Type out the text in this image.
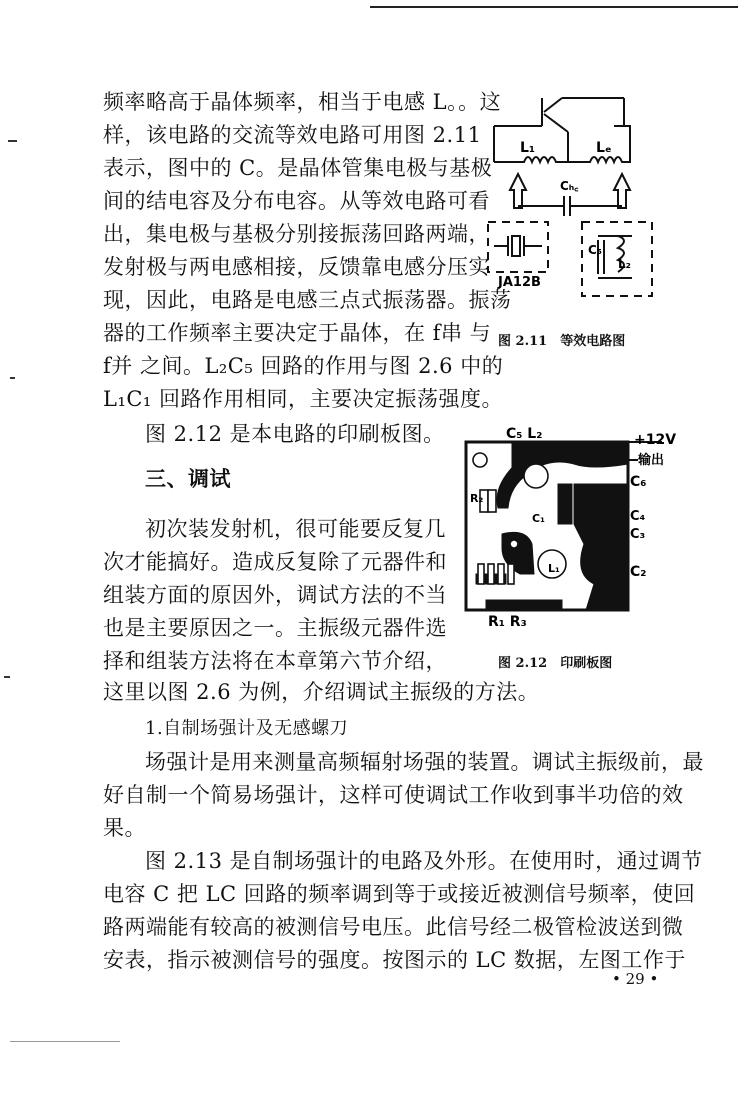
频率略高于晶体频率，相当于电感 L。。这
样，该电路的交流等效电路可用图 2.11
表示，图中的 C。是晶体管集电极与基极
间的结电容及分布电容。从等效电路可看
出，集电极与基极分别接振荡回路两端，
发射极与两电感相接，反馈靠电感分压实
现，因此，电路是电感三点式振荡器。振荡
器的工作频率主要决定于晶体，在 f串 与
f并 之间。L₂C₅ 回路的作用与图 2.6 中的
L₁C₁ 回路作用相同，主要决定振荡强度。
图 2.12 是本电路的印刷板图。
三、调试
初次装发射机，很可能要反复几
次才能搞好。造成反复除了元器件和
组装方面的原因外，调试方法的不当
也是主要原因之一。主振级元器件选
择和组装方法将在本章第六节介绍，
这里以图 2.6 为例，介绍调试主振级的方法。
1.自制场强计及无感螺刀
场强计是用来测量高频辐射场强的装置。调试主振级前，最
好自制一个简易场强计，这样可使调试工作收到事半功倍的效
果。
图 2.13 是自制场强计的电路及外形。在使用时，通过调节
电容 C 把 LC 回路的频率调到等于或接近被测信号频率，使回
路两端能有较高的被测信号电压。此信号经二极管检波送到微
安表，指示被测信号的强度。按图示的 LC 数据，左图工作于
• 29 •
L₁	Lₑ
Cₕ꜀
JA12B
C₅
L₂
图 2.11　等效电路图
C₅ L₂	+12V
输出
C₆
C₄
C₃
C₂
R₂
C₁
L₁
R₁ R₃
图 2.12　印刷板图
